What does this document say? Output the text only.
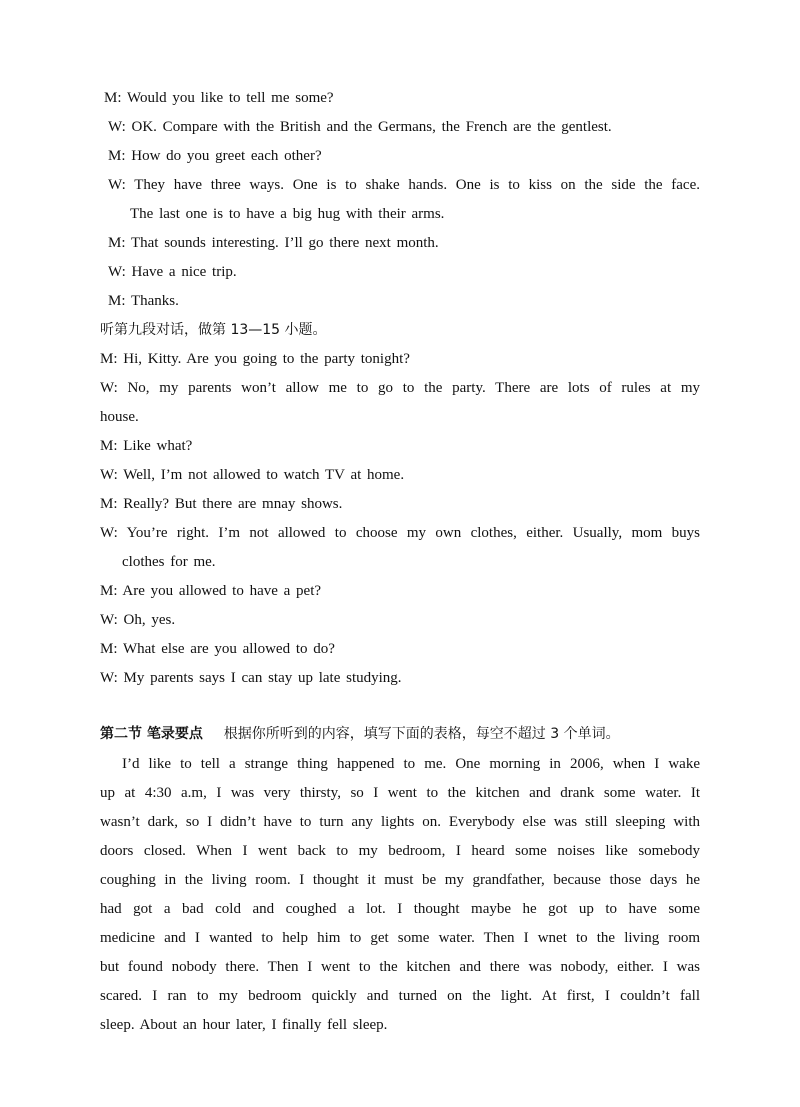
M: Would you like to tell me some?
W: OK. Compare with the British and the Germans, the French are the gentlest.
M: How do you greet each other?
W: They have three ways. One is to shake hands. One is to kiss on the side the face.
The last one is to have a big hug with their arms.
M: That sounds interesting. I’ll go there next month.
W: Have a nice trip.
M: Thanks.
听第九段对话，做第 13—15 小题。
M: Hi, Kitty. Are you going to the party tonight?
W: No, my parents won’t allow me to go to the party. There are lots of rules at my
house.
M: Like what?
W: Well, I’m not allowed to watch TV at home.
M: Really? But there are mnay shows.
W: You’re right. I’m not allowed to choose my own clothes, either. Usually, mom buys
clothes for me.
M: Are you allowed to have a pet?
W: Oh, yes.
M: What else are you allowed to do?
W: My parents says I can stay up late studying.
第二节 笔录要点 根据你所听到的内容，填写下面的表格，每空不超过 3 个单词。
I’d like to tell a strange thing happened to me. One morning in 2006, when I wake
up at 4:30 a.m, I was very thirsty, so I went to the kitchen and drank some water. It
wasn’t dark, so I didn’t have to turn any lights on. Everybody else was still sleeping with
doors closed. When I went back to my bedroom, I heard some noises like somebody
coughing in the living room. I thought it must be my grandfather, because those days he
had got a bad cold and coughed a lot. I thought maybe he got up to have some
medicine and I wanted to help him to get some water. Then I wnet to the living room
but found nobody there. Then I went to the kitchen and there was nobody, either. I was
scared. I ran to my bedroom quickly and turned on the light. At first, I couldn’t fall
sleep. About an hour later, I finally fell sleep.
